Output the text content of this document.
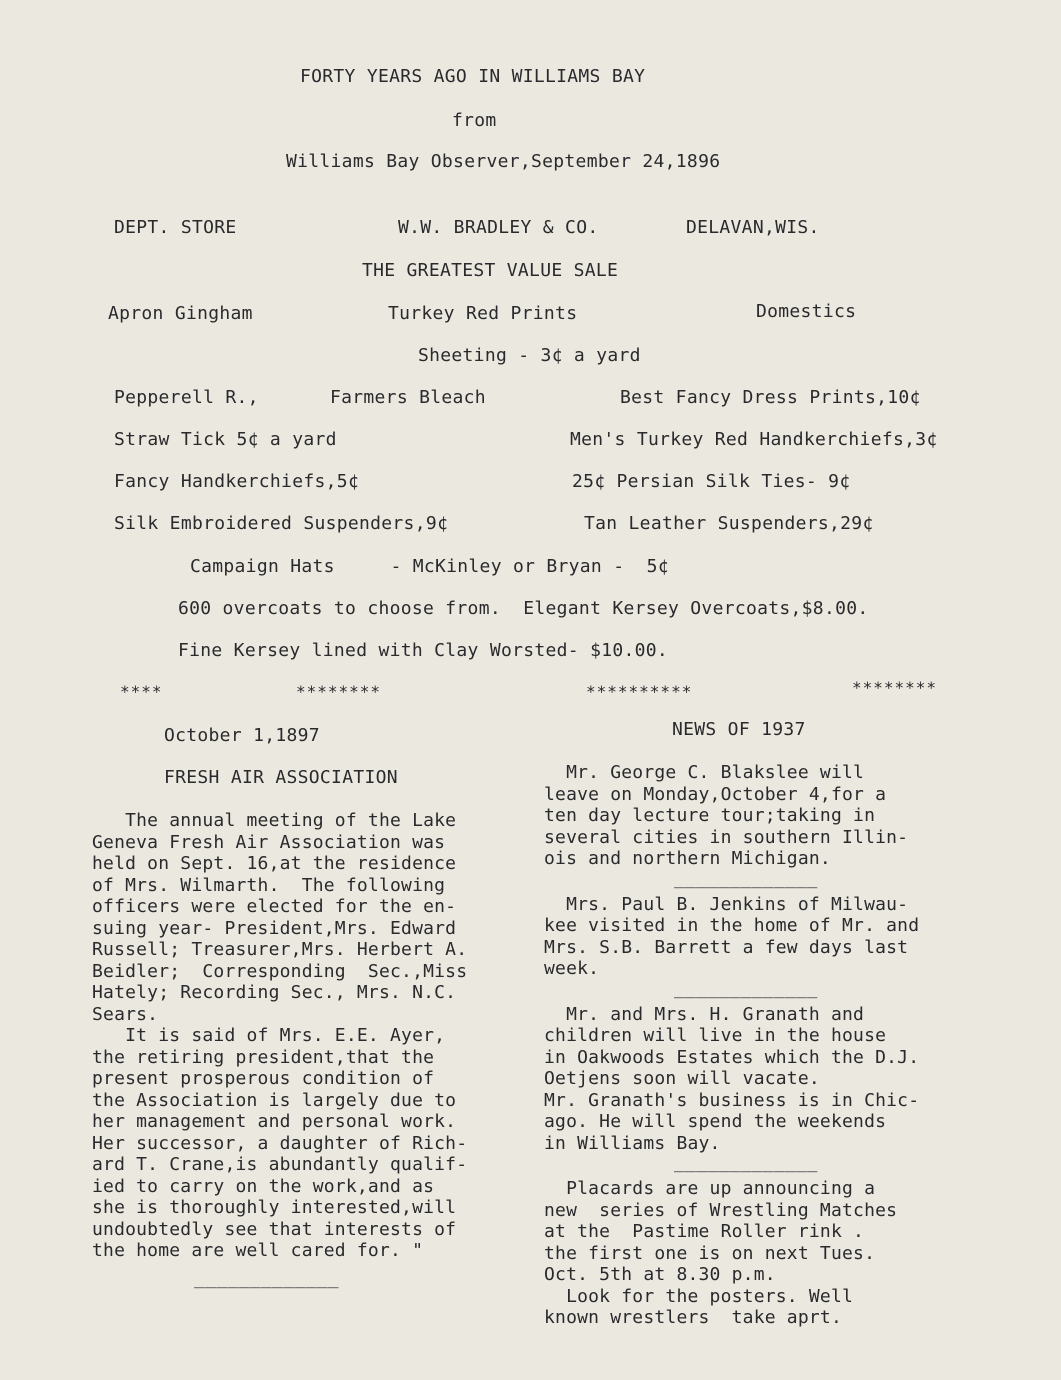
FORTY YEARS AGO IN WILLIAMS BAY
from
Williams Bay Observer,September 24,1896
DEPT. STORE	W.W. BRADLEY & CO.	DELAVAN,WIS.
THE GREATEST VALUE SALE
Apron Gingham	Turkey Red Prints	Domestics
Sheeting - 3¢ a yard
Pepperell R.,	Farmers Bleach	Best Fancy Dress Prints,10¢
Straw Tick 5¢ a yard	Men's Turkey Red Handkerchiefs,3¢
Fancy Handkerchiefs,5¢	25¢ Persian Silk Ties- 9¢
Silk Embroidered Suspenders,9¢	Tan Leather Suspenders,29¢
Campaign Hats     - McKinley or Bryan -  5¢
600 overcoats to choose from.  Elegant Kersey Overcoats,$8.00.
Fine Kersey lined with Clay Worsted- $10.00.
****	********	**********	********
October 1,1897
FRESH AIR ASSOCIATION
The annual meeting of the Lake
Geneva Fresh Air Association was
held on Sept. 16,at the residence
of Mrs. Wilmarth.  The following
officers were elected for the en-
suing year- President,Mrs. Edward
Russell; Treasurer,Mrs. Herbert A.
Beidler;  Corresponding  Sec.,Miss
Hately; Recording Sec., Mrs. N.C.
Sears.
It is said of Mrs. E.E. Ayer,
the retiring president,that the
present prosperous condition of
the Association is largely due to
her management and personal work.
Her successor, a daughter of Rich-
ard T. Crane,is abundantly qualif-
ied to carry on the work,and as
she is thoroughly interested,will
undoubtedly see that interests of
the home are well cared for. "
_____________
NEWS OF 1937
Mr. George C. Blakslee will
leave on Monday,October 4,for a
ten day lecture tour;taking in
several cities in southern Illin-
ois and northern Michigan.
_____________
Mrs. Paul B. Jenkins of Milwau-
kee visited in the home of Mr. and
Mrs. S.B. Barrett a few days last
week.
_____________
Mr. and Mrs. H. Granath and
children will live in the house
in Oakwoods Estates which the D.J.
Oetjens soon will vacate.
Mr. Granath's business is in Chic-
ago. He will spend the weekends
in Williams Bay.
_____________
Placards are up announcing a
new  series of Wrestling Matches
at the  Pastime Roller rink .
the first one is on next Tues.
Oct. 5th at 8.30 p.m.
Look for the posters. Well
known wrestlers  take aprt.
